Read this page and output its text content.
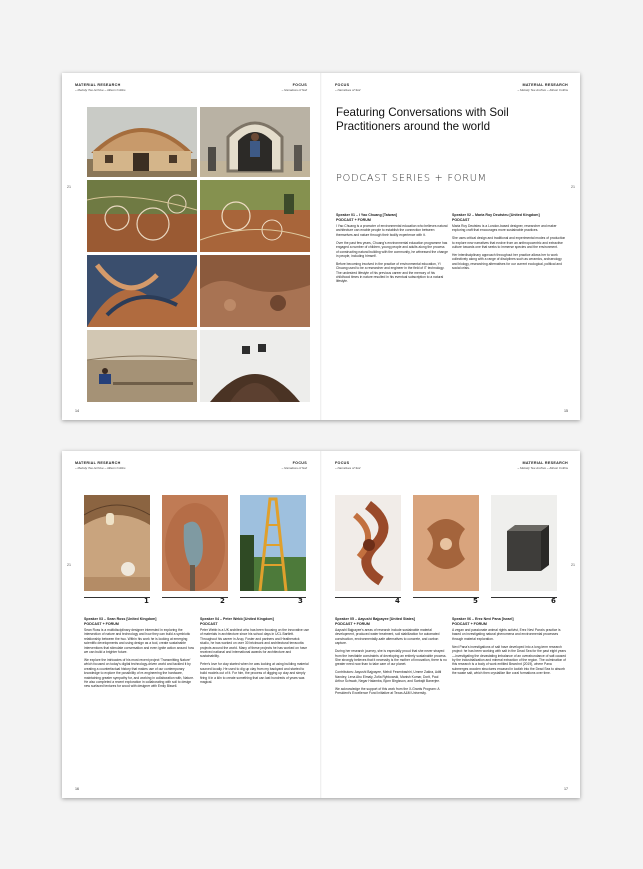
MATERIAL RESEARCH
– Melody Tee Archive – Allison Collins
FOCUS
– Narratives of Soil
21
14
FOCUS
– Narratives of Soil
MATERIAL RESEARCH
– Melody Tee Archive – Allison Collins
21
Featuring Conversations with Soil Practitioners around the world
PODCAST SERIES + FORUM
Speaker 01 – I Yao Chuang [Taiwan]
PODCAST + FORUM

I Yao Chuang is a promoter of environmental education who believes natural architecture can enable people to establish the connection between themselves and nature through their bodily experience with it.

Over the past few years, Chuang's environmental education programme has engaged a number of children, young people and adults along the process of constructing natural building with the community, he witnessed the change in people, including himself.

Before becoming involved in the practice of environmental education, Yi Chuang used to be a researcher and engineer in the field of IT technology. The undesired lifestyle of his previous career and the memory of his childhood times in nature resulted in his eventual subscription to a natural lifestyle.

Speaker 02 – Maria Roy Deutsteu [United Kingdom]
PODCAST

Maria Roy Deutsteu is a London-based designer, researcher and maker exploring craft that encourages more sustainable practices.

She uses critical design and traditional and experimental modes of production to explore new narratives that evolve from an anthropocentric and extractive culture towards one that seeks to immerse species and the environment.

Her interdisciplinary approach throughout her practice allows her to work collectively along with a range of disciplines such as ceramics, archaeology and biology, researching alternatives for our current ecological, political and social crisis.

15
MATERIAL RESEARCH
– Melody Tee Archive – Allison Collins
FOCUS
– Narratives of Soil
21
1	2	3
Speaker 03 – Sean Ross [United Kingdom]
PODCAST + FORUM

Sean Ross is a multidisciplinary designer interested in exploring the intersection of nature and technology and how they can build a symbiotic relationship between the two. Within his work he is looking at emerging scientific developments and using design as a tool, create sustainable interventions that stimulate conversation and even ignite action around how we can build a brighter future.

We explore the intricacies of his most recent project 'Transmitting Nature' which focused on today's digital technology-driven world and tackled it by creating a counterfactual history that makes use of our contemporary knowledge to explore the possibility of re-engineering the hardware, maintaining greater sympathy for, and working in collaboration with, Nature. He also completed a recent exploration in collaborating with soil to design new surfaced textures for wood with designer with Emily Bissell.

Speaker 04 – Peter Webb [United Kingdom]
PODCAST

Peter Webb is a UK architect who has been focusing on the innovative use of materials in architecture since his school days in UCL Bartlett. Throughout his career in Arup, Foster and partners and Heatherwick studio, he has worked on over 30 brickwork and architectural terracotta projects around the world. Many of these projects he has worked on have received national and international awards for architecture and sustainability.

Peter's love for clay started when he was looking at using building material sourced locally. He used to dig up clay from my backyard and started to build models out of it. For him, the process of digging up clay and simply firing it in a kiln to create something that can last hundreds of years was magical.

16
FOCUS
– Narratives of Soil
MATERIAL RESEARCH
– Melody Tee Archive – Allison Collins
21
4	5	6
Speaker 05 – Aayushi Bajpayee [United States]
PODCAST + FORUM

Aayushi Bajpayee's areas of research include sustainable material development, produced water treatment, soil stabilization for automated construction, environmentally-safe alternatives to concrete, and carbon capture.

During her research journey, she is especially proud that she never strayed from the inevitable constraints of developing an entirely sustainable process. She strongly believes that it necessity is the mother of innovation, there is no greater need now than to take care of our planet.

Contributors: Aayushi Bajpayee, Mehdi Fesenbashiri, Umme Zakira, Aditi Nandey, Lena Abu Elmaly, Zofia Rybkowski, Manish Kumar, Dorit, Paul Arthur Schwab, Negar Halamba, Bjorn Birgisson, and Sarbajit Banerjee.

We acknowledge the support of this work from the X-Grants Program: A President's Excellence Fund Initiative at Texas A&M University.

Speaker 06 – Erez Nevi Pana [Israel]
PODCAST + FORUM

A vegan and passionate animal rights activist, Erez Nevi Pana's practice is based on investigating natural phenomena and environmental processes through material exploration.

Nevi Pana's investigations of salt have developed into a long-term research project: he has been working with salt in the Dead Sea for the past eight years—investigating the devastating imbalance of an overabundance of salt caused by the industrialization and mineral extraction of the region. The culmination of this research is a body of work entitled Bewohnt (2019), where Pana submerges wooden structures encased in loofah into the Dead Sea to absorb the waste salt, which then crystallize like coral formations over time.

17
